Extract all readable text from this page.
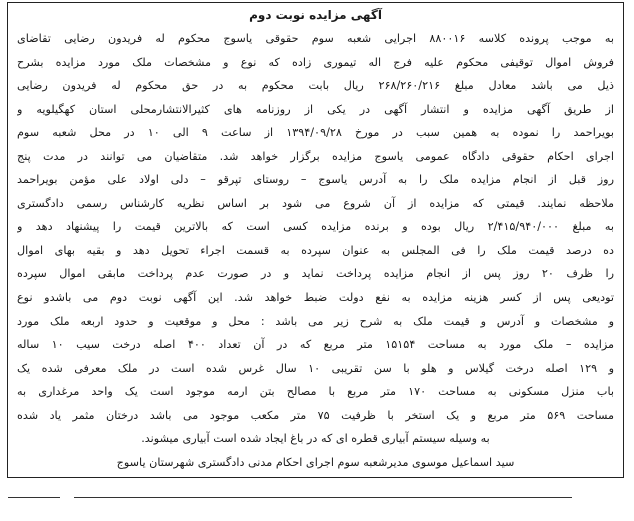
آگهی مزایده نوبت دوم
به موجب پرونده کلاسه ۸۸۰۰۱۶ اجرایی شعبه سوم حقوقی یاسوج محکوم له فریدون رضایی تقاضای
فروش اموال توقیفی محکوم علیه فرج اله تیموری زاده که نوع و مشخصات ملک مورد مزایده بشرح
ذیل می باشد معادل مبلغ ۲۶۸/۲۶۰/۲۱۶ ریال بابت محکوم به در حق محکوم له فریدون رضایی
از طریق آگهی مزایده و انتشار آگهی در یکی از روزنامه های کثیرالانتشارمحلی استان کهگیلویه و
بویراحمد را نموده به همین سبب در مورخ ۱۳۹۴/۰۹/۲۸ از ساعت ۹ الی ۱۰ در محل شعبه سوم
اجرای احکام حقوقی دادگاه عمومی یاسوج مزایده برگزار خواهد شد. متقاضیان می توانند در مدت پنج
روز قبل از انجام مزایده ملک را به آدرس یاسوج – روستای تپرقو – دلی اولاد علی مؤمن بویراحمد
ملاحظه نمایند. قیمتی که مزایده از آن شروع می شود بر اساس نظریه کارشناس رسمی دادگستری
به مبلغ ۲/۴۱۵/۹۴۰/۰۰۰ ریال بوده و برنده مزایده کسی است که بالاترین قیمت را پیشنهاد دهد و
ده درصد قیمت ملک را فی المجلس به عنوان سپرده به قسمت اجراء تحویل دهد و بقیه بهای اموال
را ظرف ۲۰ روز پس از انجام مزایده پرداخت نماید و در صورت عدم پرداخت مابقی اموال سپرده
تودیعی پس از کسر هزینه مزایده به نفع دولت ضبط خواهد شد. این آگهی نوبت دوم می باشدو نوع
و مشخصات و آدرس و قیمت ملک به شرح زیر می باشد : محل و موقعیت و حدود اربعه ملک مورد
مزایده – ملک مورد به مساحت ۱۵۱۵۴ متر مربع که در آن تعداد ۴۰۰ اصله درخت سیب ۱۰ ساله
و ۱۲۹ اصله درخت گیلاس و هلو با سن تقریبی ۱۰ سال غرس شده است در ملک معرفی شده یک
باب منزل مسکونی به مساحت ۱۷۰ متر مربع با مصالح بتن ارمه موجود است یک واحد مرغداری به
مساحت ۵۶۹ متر مربع و یک استخر با ظرفیت ۷۵ متر مکعب موجود می باشد درختان مثمر یاد شده
به وسیله سیستم آبیاری قطره ای که در باغ ایجاد شده است آبیاری میشوند.
سید اسماعیل موسوی مدیرشعبه سوم اجرای احکام مدنی دادگستری شهرستان یاسوج
